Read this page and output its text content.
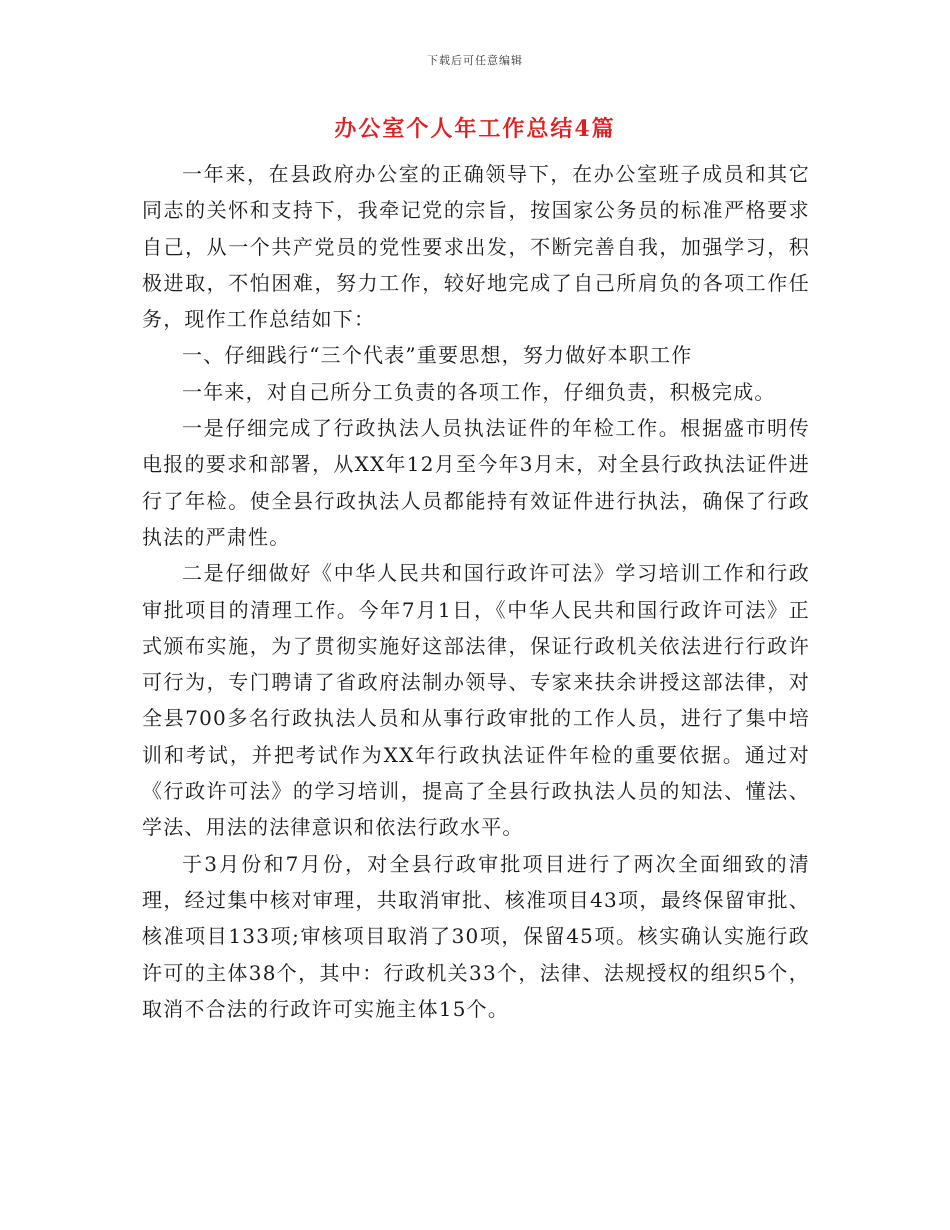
下载后可任意编辑
办公室个人年工作总结4篇

一年来，在县政府办公室的正确领导下，在办公室班子成员和其它同志的关怀和支持下，我牵记党的宗旨，按国家公务员的标准严格要求自己，从一个共产党员的党性要求出发，不断完善自我，加强学习，积极进取，不怕困难，努力工作，较好地完成了自己所肩负的各项工作任务，现作工作总结如下：

一、仔细践行“三个代表”重要思想，努力做好本职工作

一年来，对自己所分工负责的各项工作，仔细负责，积极完成。

一是仔细完成了行政执法人员执法证件的年检工作。根据盛市明传电报的要求和部署，从XX年12月至今年3月末，对全县行政执法证件进行了年检。使全县行政执法人员都能持有效证件进行执法，确保了行政执法的严肃性。

二是仔细做好《中华人民共和国行政许可法》学习培训工作和行政审批项目的清理工作。今年7月1日，《中华人民共和国行政许可法》正式颁布实施，为了贯彻实施好这部法律，保证行政机关依法进行行政许可行为，专门聘请了省政府法制办领导、专家来扶余讲授这部法律，对全县700多名行政执法人员和从事行政审批的工作人员，进行了集中培训和考试，并把考试作为XX年行政执法证件年检的重要依据。通过对《行政许可法》的学习培训，提高了全县行政执法人员的知法、懂法、学法、用法的法律意识和依法行政水平。

于3月份和7月份，对全县行政审批项目进行了两次全面细致的清理，经过集中核对审理，共取消审批、核准项目43项，最终保留审批、核准项目133项;审核项目取消了30项，保留45项。核实确认实施行政许可的主体38个，其中：行政机关33个，法律、法规授权的组织5个，取消不合法的行政许可实施主体15个。
